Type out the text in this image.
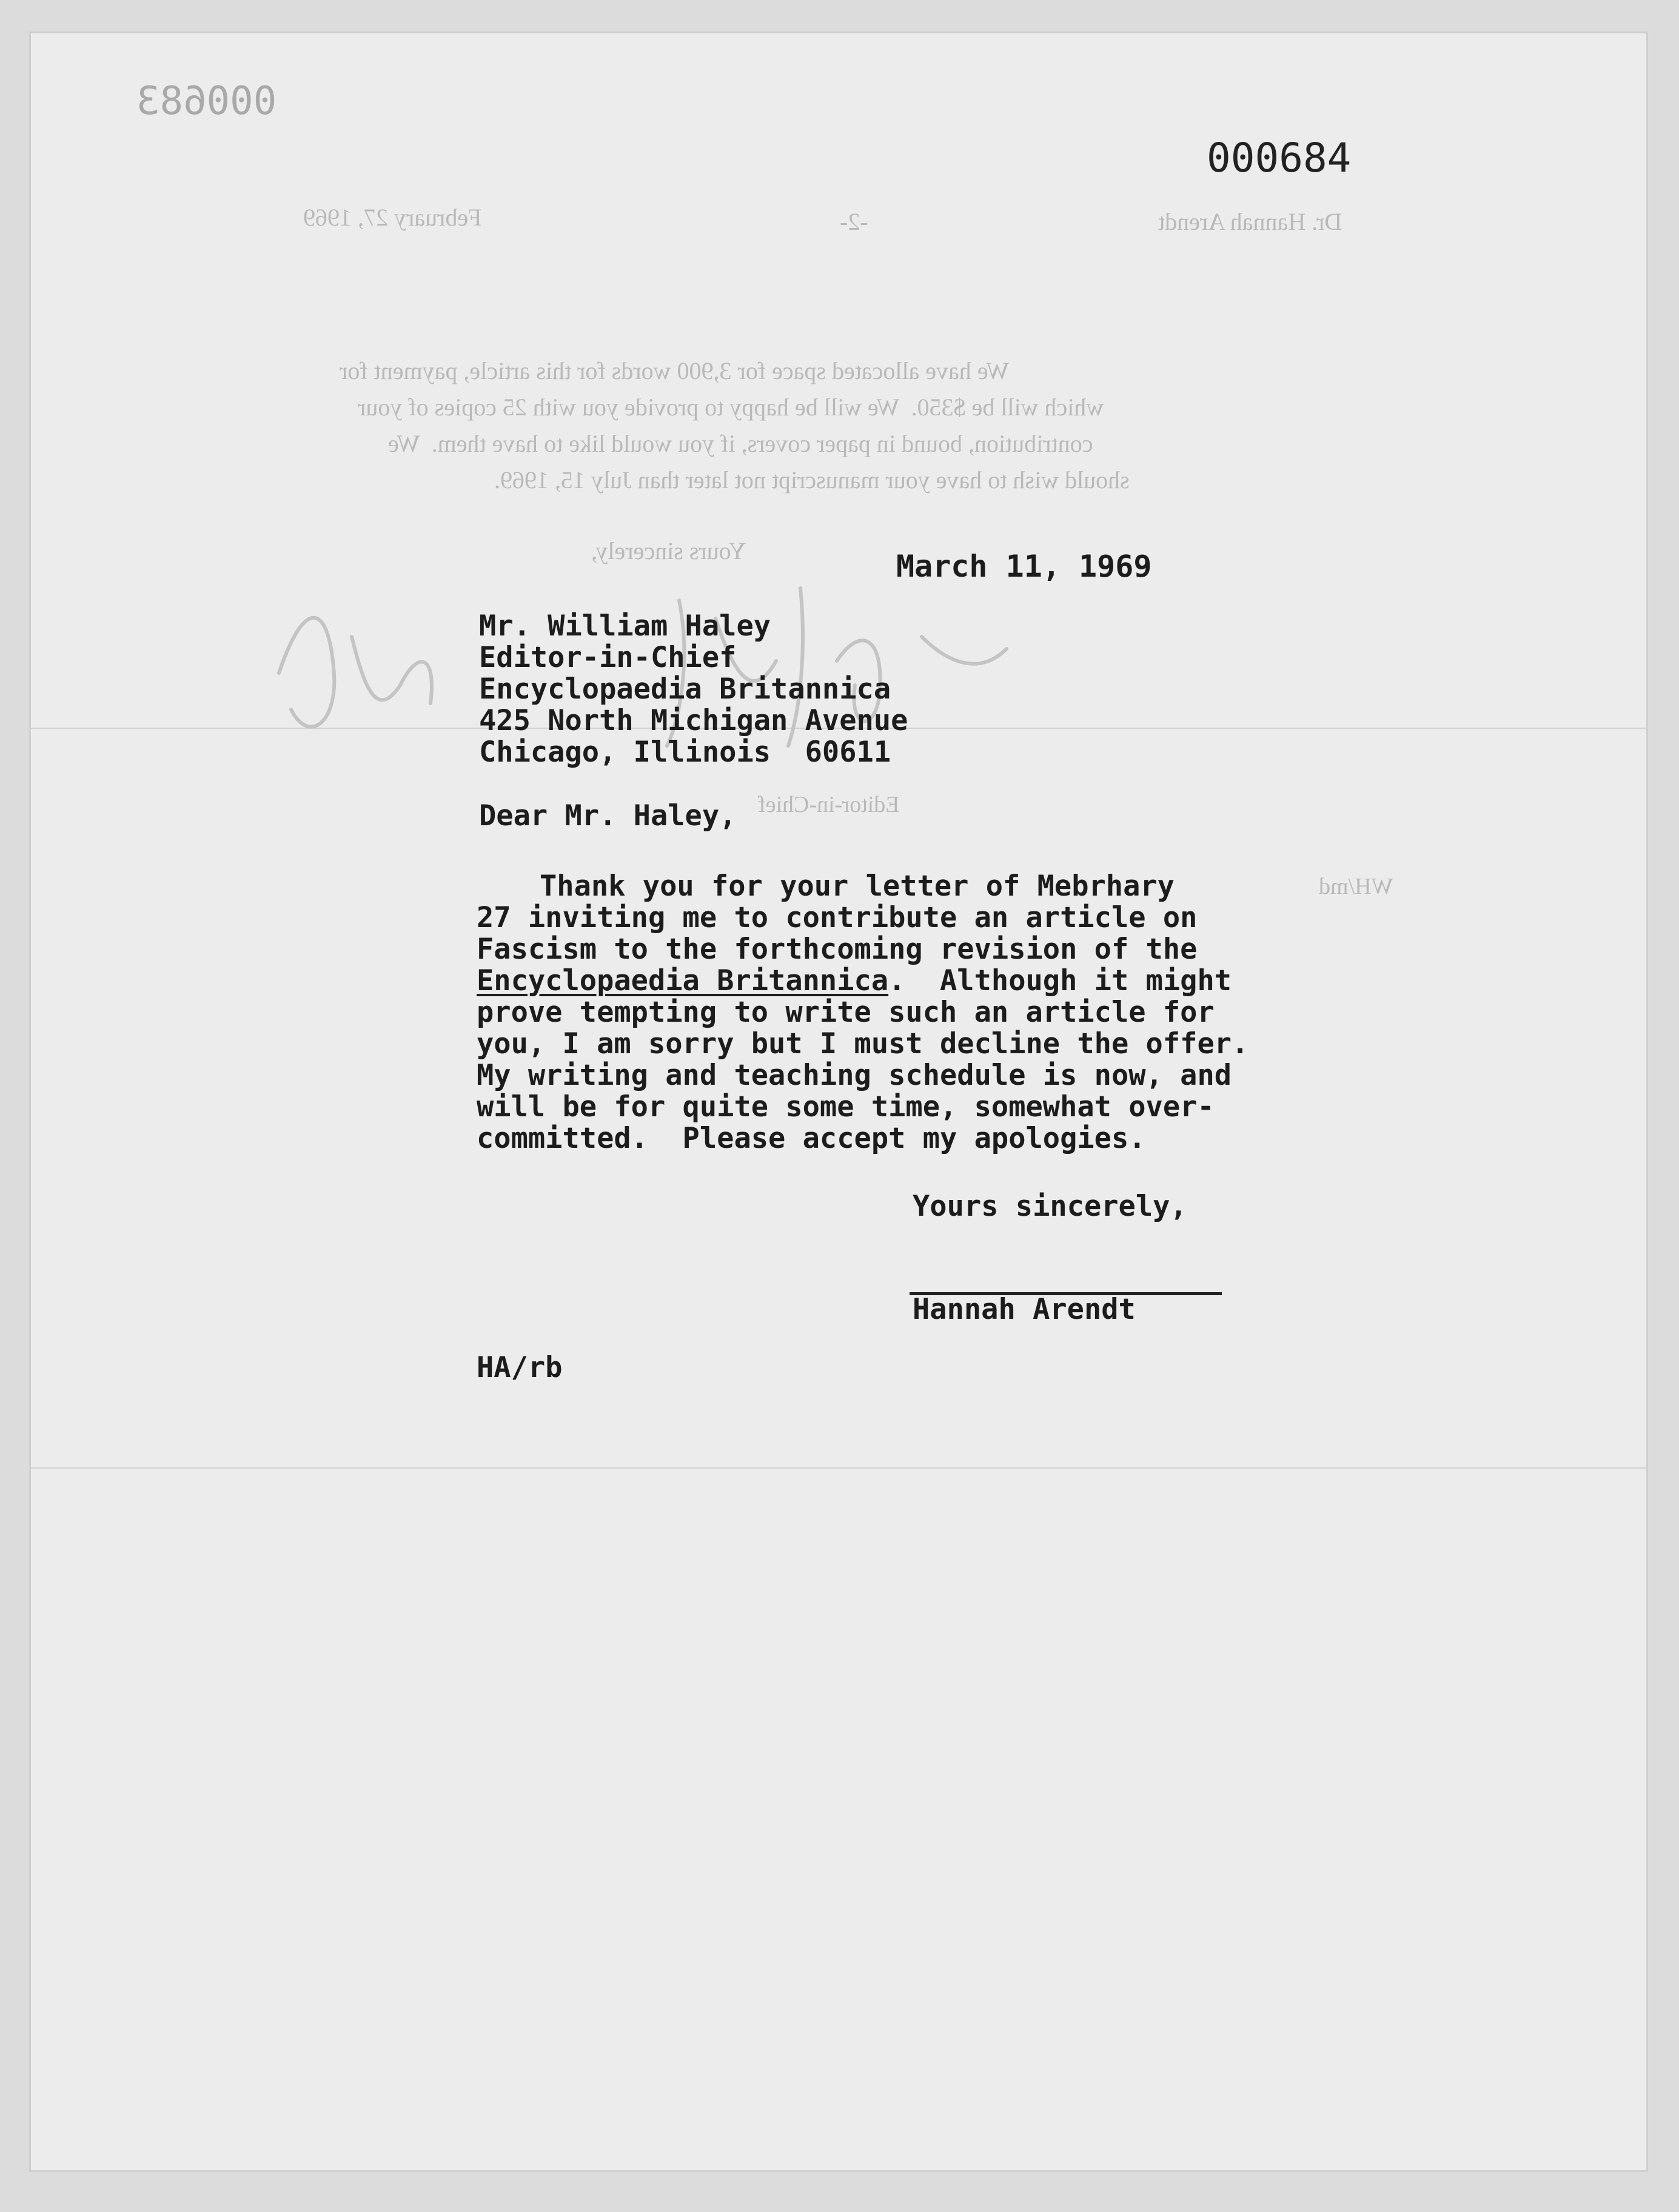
000683

Dr. Hannah Arendt

-2-

February 27, 1969

We have allocated space for 3,900 words for this article, payment for

which will be $350.  We will be happy to provide you with 25 copies of your

contribution, bound in paper covers, if you would like to have them.  We

should wish to have your manuscript not later than July 15, 1969.

Yours sincerely,

Editor-in-Chief

WH/md

000684

March 11, 1969

Mr. William Haley

Editor-in-Chief

Encyclopaedia Britannica

425 North Michigan Avenue

Chicago, Illinois  60611

Dear Mr. Haley,

Thank you for your letter of Mebrhary

27 inviting me to contribute an article on

Fascism to the forthcoming revision of the

Encyclopaedia Britannica.  Although it might

prove tempting to write such an article for

you, I am sorry but I must decline the offer.

My writing and teaching schedule is now, and

will be for quite some time, somewhat over-

committed.  Please accept my apologies.

Yours sincerely,

Hannah Arendt

HA/rb
